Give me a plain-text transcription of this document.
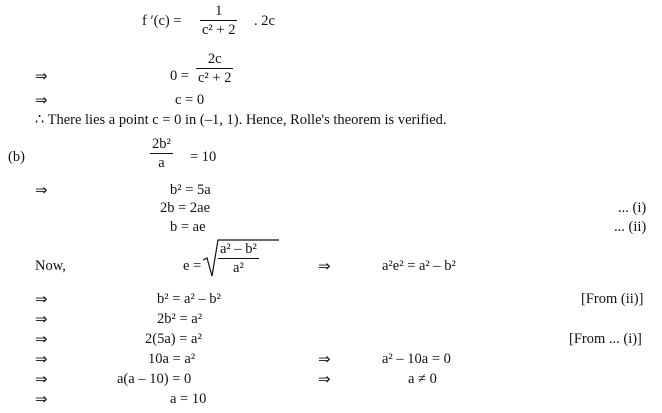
f $'(c) = \frac{1}{\text{c² + 2}}$ . 2c
⇒	$0 = \frac{2c}{\text{c² + 2}}$
⇒	c = 0
∴ There lies a point c = 0 in (–1, 1). Hence, Rolle's theorem is verified.
(b)	$\frac{\text{2b²}}{a} = 10$
⇒	b² = 5a
2b = 2ae	... (i)
b = ae	... (ii)
Now,	$e = \frac{\text{a² – b²}}{\text{a²}}$	⇒	a²e² = a² – b²
⇒	b² = a² – b²	[From (ii)]
⇒	2b² = a²
⇒	2(5a) = a²	[From ... (i)]
⇒	10a = a²	⇒	a² – 10a = 0
⇒	a(a – 10) = 0	⇒	a ≠ 0
⇒	a = 10
